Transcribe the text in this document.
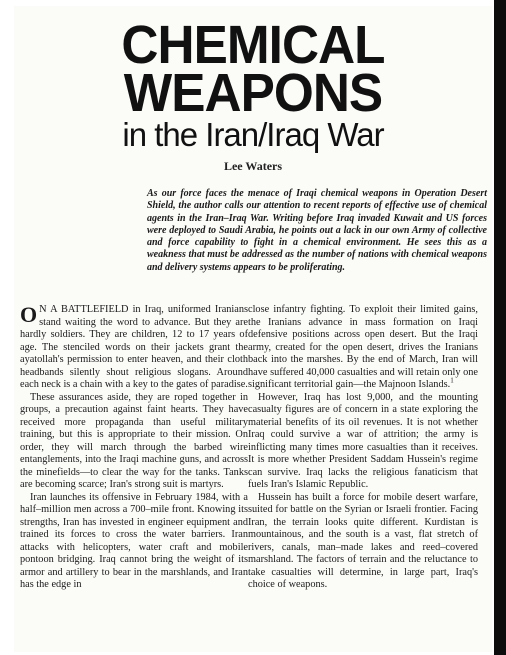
CHEMICAL
WEAPONS
in the Iran/Iraq War
Lee Waters
As our force faces the menace of Iraqi chemical weapons in Operation Desert Shield, the author calls our attention to recent reports of effective use of chemical agents in the Iran–Iraq War. Writing before Iraq invaded Kuwait and US forces were deployed to Saudi Arabia, he points out a lack in our own Army of collective and force capability to fight in a chemical environment. He sees this as a weakness that must be addressed as the number of nations with chemical weapons and delivery systems appears to be proliferating.

O N A BATTLEFIELD in Iraq, uniformed Iranians stand waiting the word to advance. But they are hardly soldiers. They are children, 12 to 17 years of age. The stenciled words on their jackets grant the ayatollah's permission to enter heaven, and their cloth headbands silently shout religious slogans. Around each neck is a chain with a key to the gates of paradise.

These assurances aside, they are roped together in groups, a precaution against faint hearts. They have received more propaganda than useful military training, but this is appropriate to their mission. On order, they will march through the barbed wire entanglements, into the Iraqi machine guns, and across the minefields—to clear the way for the tanks. Tanks are becoming scarce; Iran's strong suit is martyrs.

Iran launches its offensive in February 1984, with a half–million men across a 700–mile front. Knowing its strengths, Iran has invested in engineer equipment and trained its forces to cross the water barriers. Iran attacks with helicopters, water craft and mobile pontoon bridging. Iraq cannot bring the weight of its armor and artillery to bear in the marshlands, and Iran has the edge in

close infantry fighting. To exploit their limited gains, the Iranians advance in mass formation on Iraqi defensive positions across open desert. But the Iraqi army, created for the open desert, drives the Iranians back into the marshes. By the end of March, Iran will have suffered 40,000 casualties and will retain only one significant territorial gain—the Majnoon Islands.$^1$

However, Iraq has lost 9,000, and the mounting casualty figures are of concern in a state exploring the material benefits of its oil revenues. It is not whether Iraq could survive a war of attrition; the army is inflicting many times more casualties than it receives. It is more whether President Saddam Hussein's regime can survive. Iraq lacks the religious fanaticism that fuels Iran's Islamic Republic.

Hussein has built a force for mobile desert warfare, suited for battle on the Syrian or Israeli frontier. Facing Iran, the terrain looks quite different. Kurdistan is mountainous, and the south is a vast, flat stretch of rivers, canals, man–made lakes and reed–covered marshland. The factors of terrain and the reluctance to take casualties will determine, in large part, Iraq's choice of weapons.
